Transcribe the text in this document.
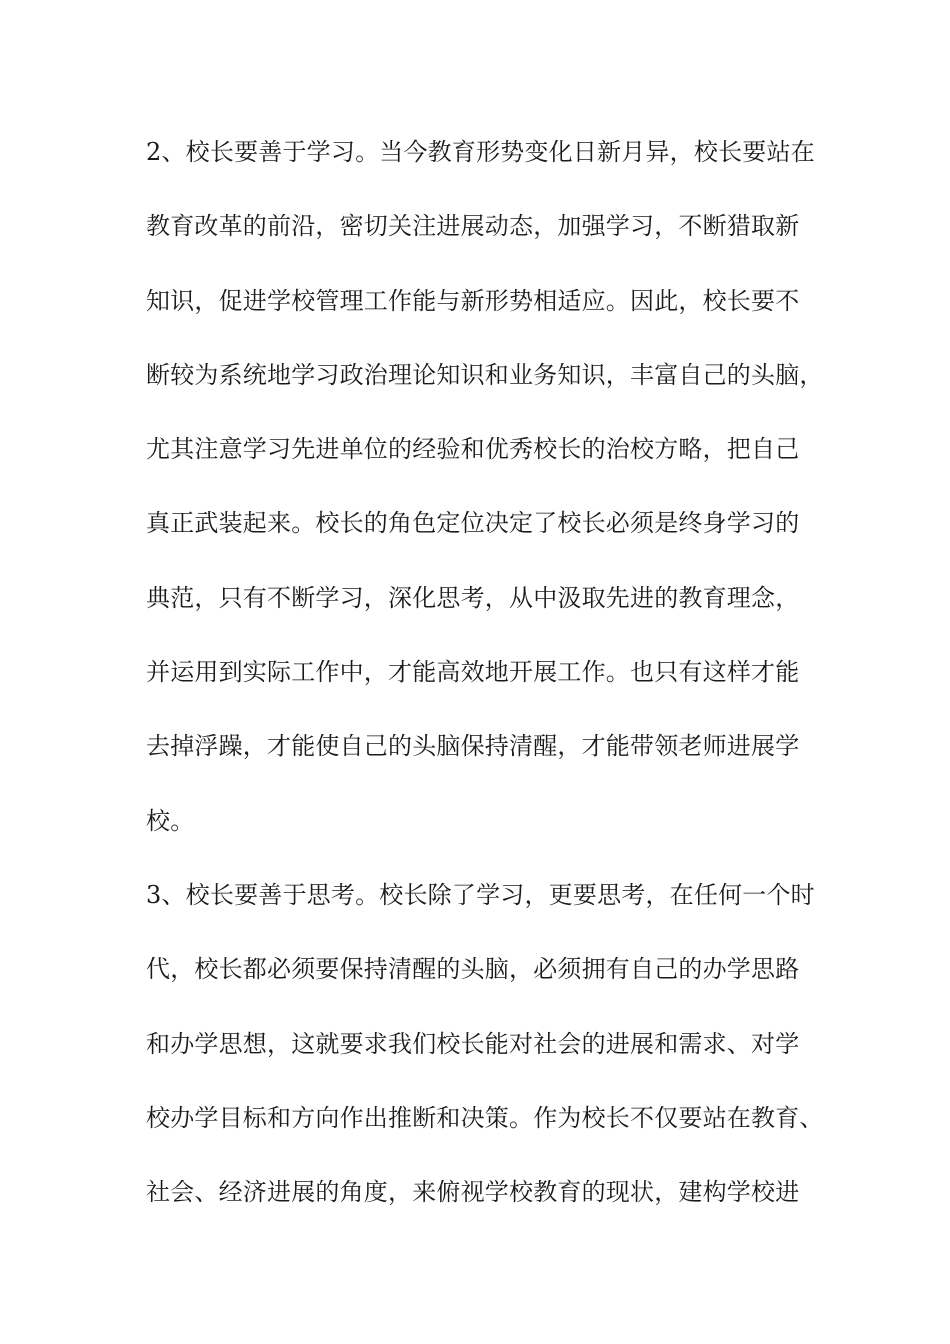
2、校长要善于学习。当今教育形势变化日新月异，校长要站在
教育改革的前沿，密切关注进展动态，加强学习，不断猎取新
知识，促进学校管理工作能与新形势相适应。因此，校长要不
断较为系统地学习政治理论知识和业务知识，丰富自己的头脑，
尤其注意学习先进单位的经验和优秀校长的治校方略，把自己
真正武装起来。校长的角色定位决定了校长必须是终身学习的
典范，只有不断学习，深化思考，从中汲取先进的教育理念，
并运用到实际工作中，才能高效地开展工作。也只有这样才能
去掉浮躁，才能使自己的头脑保持清醒，才能带领老师进展学
校。
3、校长要善于思考。校长除了学习，更要思考，在任何一个时
代，校长都必须要保持清醒的头脑，必须拥有自己的办学思路
和办学思想，这就要求我们校长能对社会的进展和需求、对学
校办学目标和方向作出推断和决策。作为校长不仅要站在教育、
社会、经济进展的角度，来俯视学校教育的现状，建构学校进
